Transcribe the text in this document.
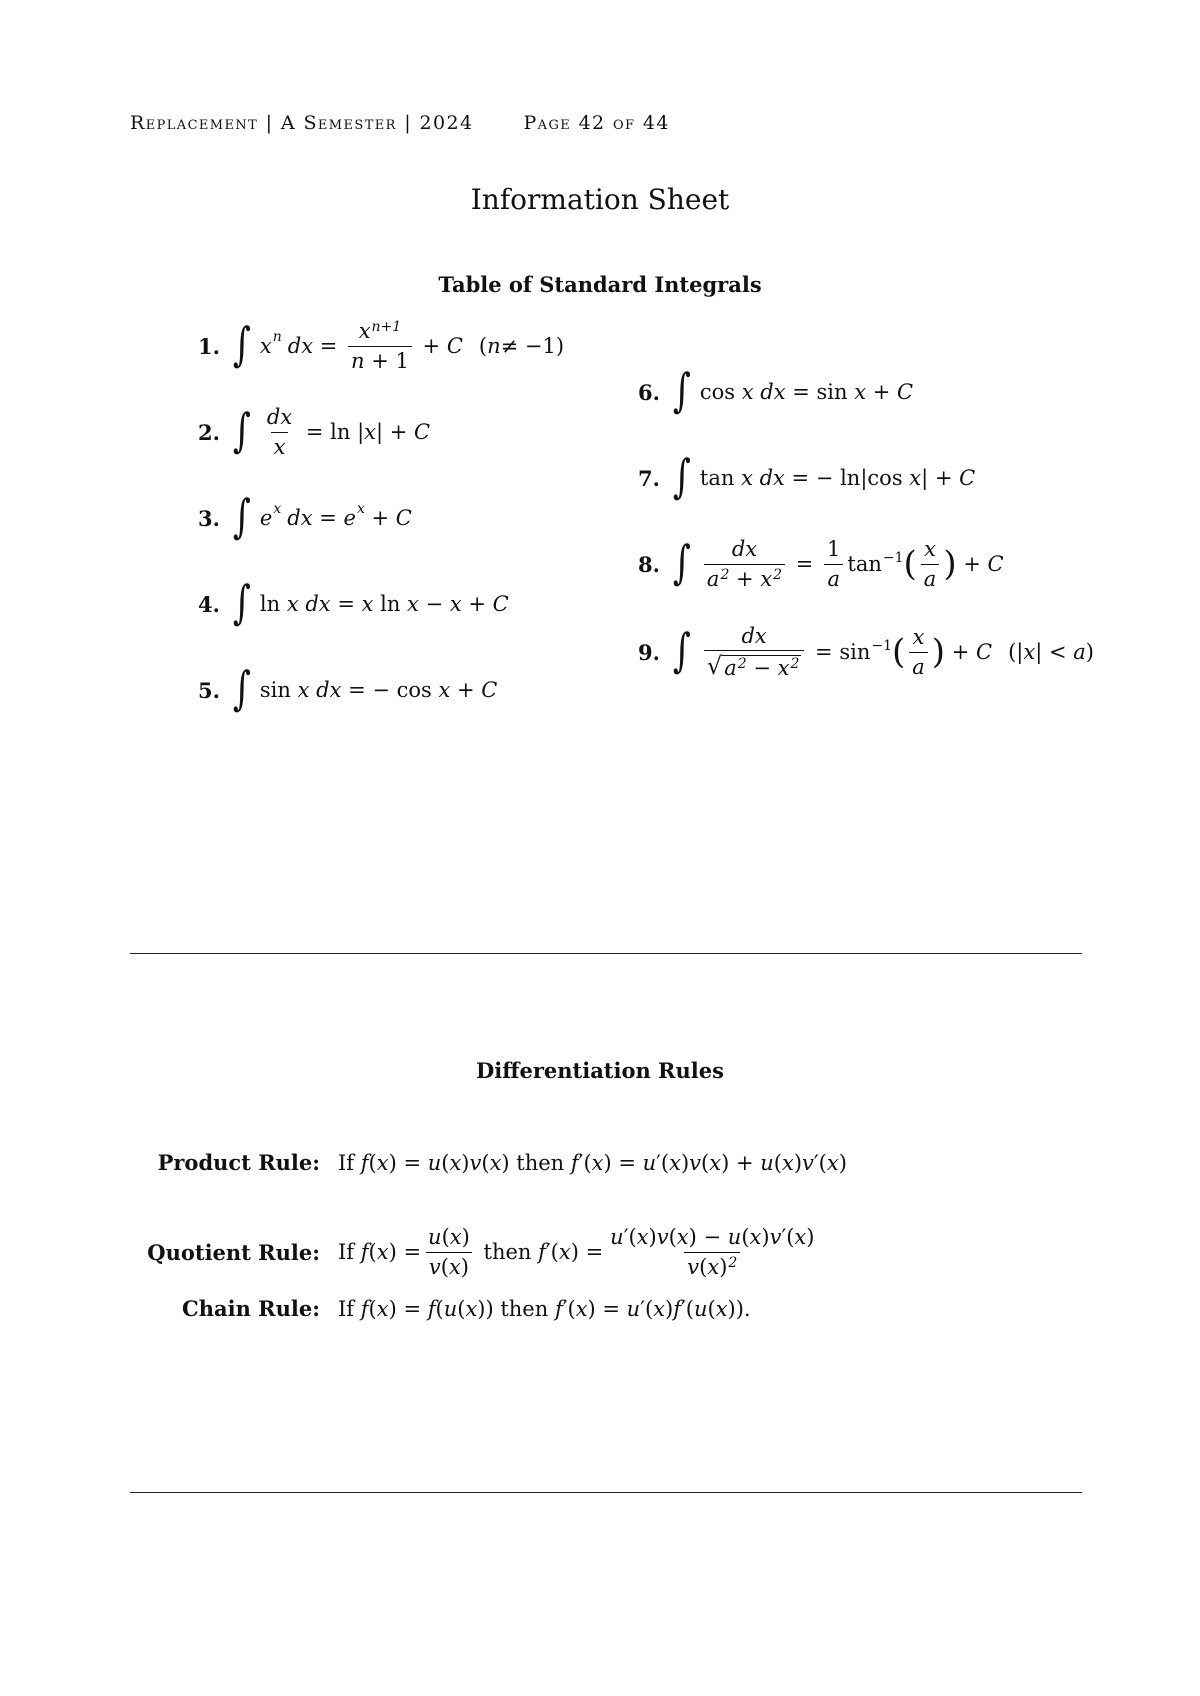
Replacement | A Semester | 2024	Page 42 of 44
Information Sheet
Table of Standard Integrals
1. ∫ x n dx = $\frac{x^{n+1}}{n + 1} + C$ ( n ≠ −1)
2. ∫ $\frac{dx}{x} = \ln$ | x | + C
3. ∫ e x dx = e x + C
4. ∫ ln x dx = x ln x − x + C
5. ∫ sin x dx = − cos x + C
6. ∫ cos x dx = sin x + C
7. ∫ tan x dx = − ln|cos x | + C
8. ∫ $\frac{dx}{a^2 + x^2} = \frac{1}{a} \tan^{-1}$ ( $\frac{x}{a}$ ) + C
9. ∫ $\frac{dx}{√ a^2 - x^2} = \sin^{-1}$ ( $\frac{x}{a}$ ) + C (| x | < a )
Differentiation Rules
Product Rule: If f ( x ) = u ( x ) v ( x ) then f ′( x ) = u ′( x ) v ( x ) + u ( x ) v ′( x )
Quotient Rule: If f ( x ) = $\frac{u(x)}{v(x)}$ then f ′( x ) = $\frac{u'(x)v(x) - u(x)v'(x)}{v(x)^2}$
Chain Rule: If f ( x ) = f ( u ( x )) then f ′( x ) = u ′( x ) f ′( u ( x )).
